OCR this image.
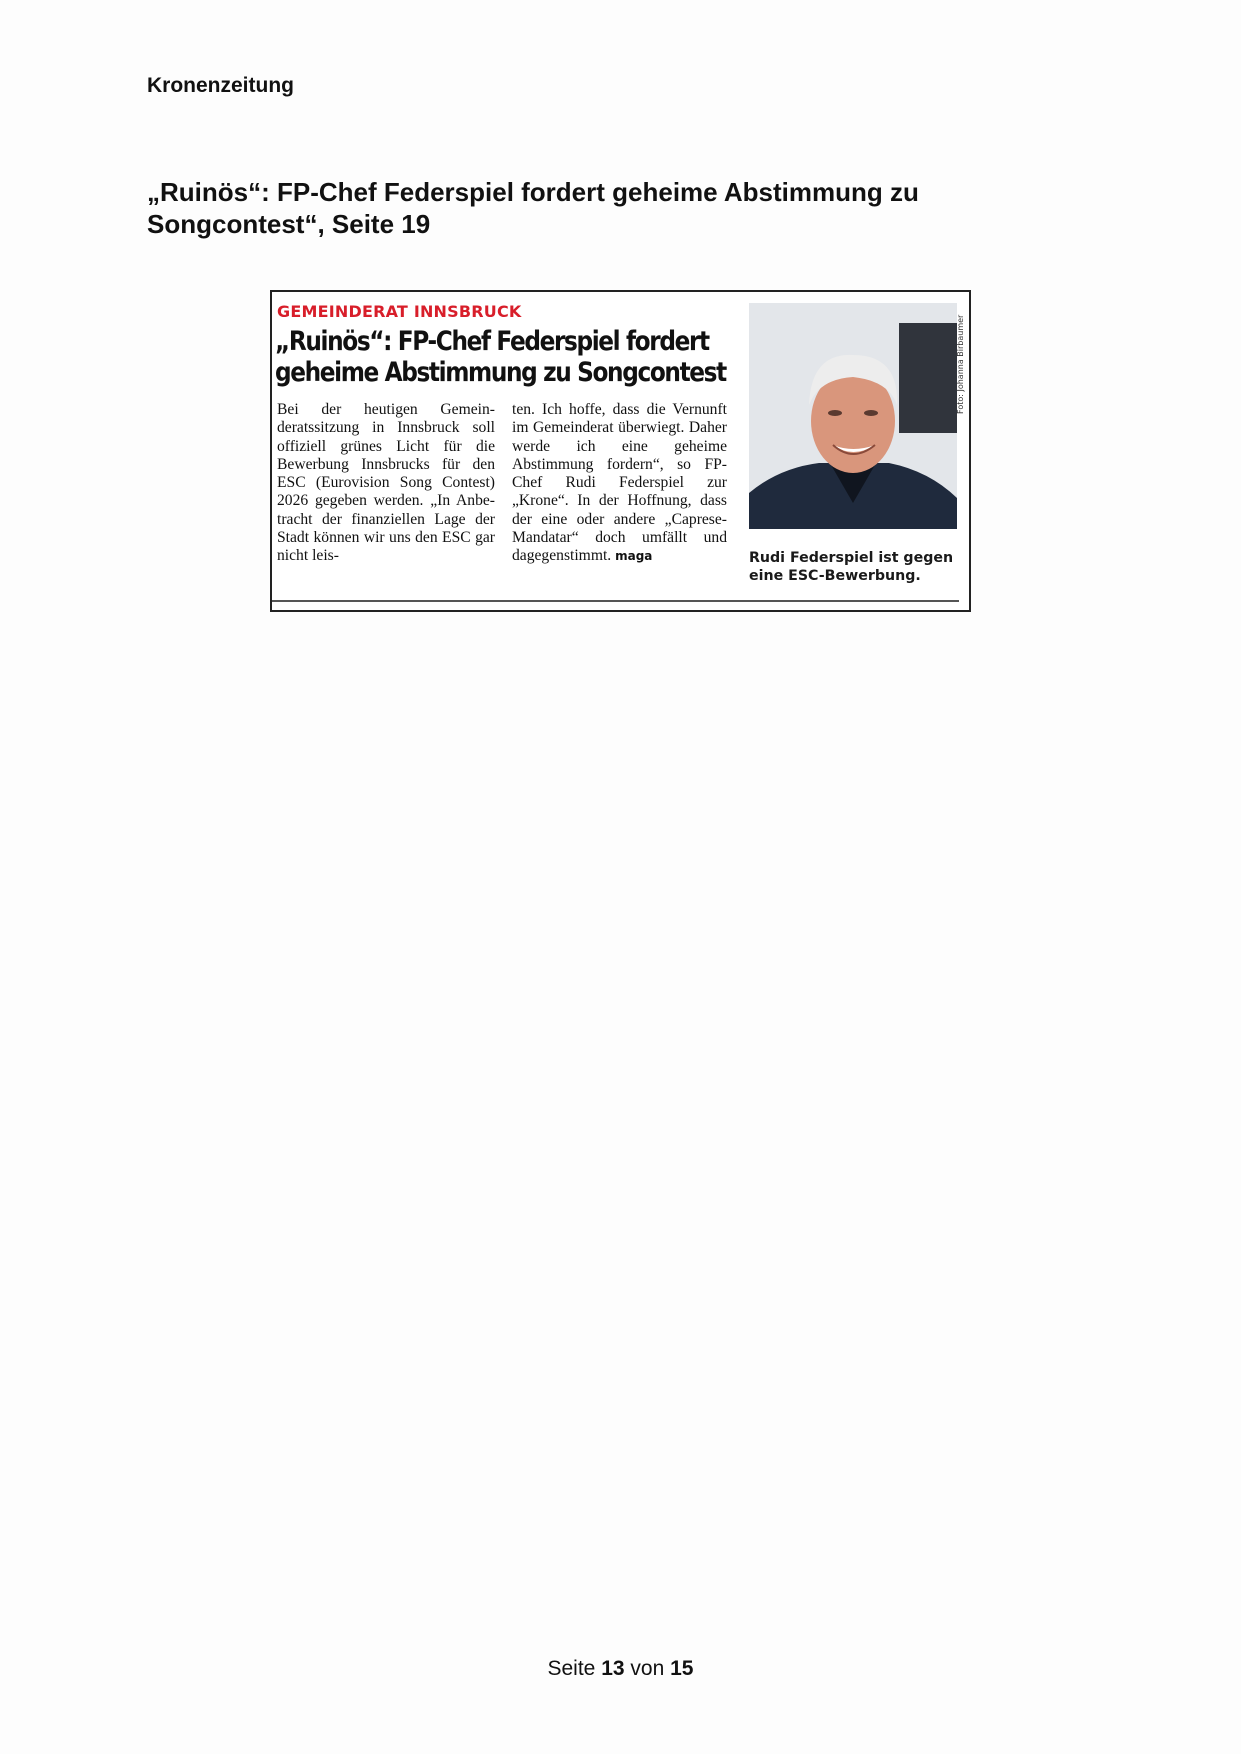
Kronenzeitung
„Ruinös“: FP-Chef Federspiel fordert geheime Abstimmung zu Songcontest“, Seite 19
GEMEINDERAT INNSBRUCK
„Ruinös“: FP-Chef Federspiel fordert
geheime Abstimmung zu Songcontest
Bei der heutigen Gemeinderatssitzung in Innsbruck soll offiziell grünes Licht für die Bewerbung Innsbrucks für den ESC (Eurovision Song Contest) 2026 gegeben werden. „In Anbetracht der finanziellen Lage der Stadt können wir uns den ESC gar nicht leis-
ten. Ich hoffe, dass die Vernunft im Gemeinderat überwiegt. Daher werde ich eine geheime Abstimmung fordern“, so FP-Chef Rudi Federspiel zur „Krone“. In der Hoffnung, dass der eine oder andere „Caprese-Mandatar“ doch umfällt und dagegenstimmt. maga
Foto: Johanna Birbaumer
Rudi Federspiel ist gegen eine ESC-Bewerbung.
Seite 13 von 15
